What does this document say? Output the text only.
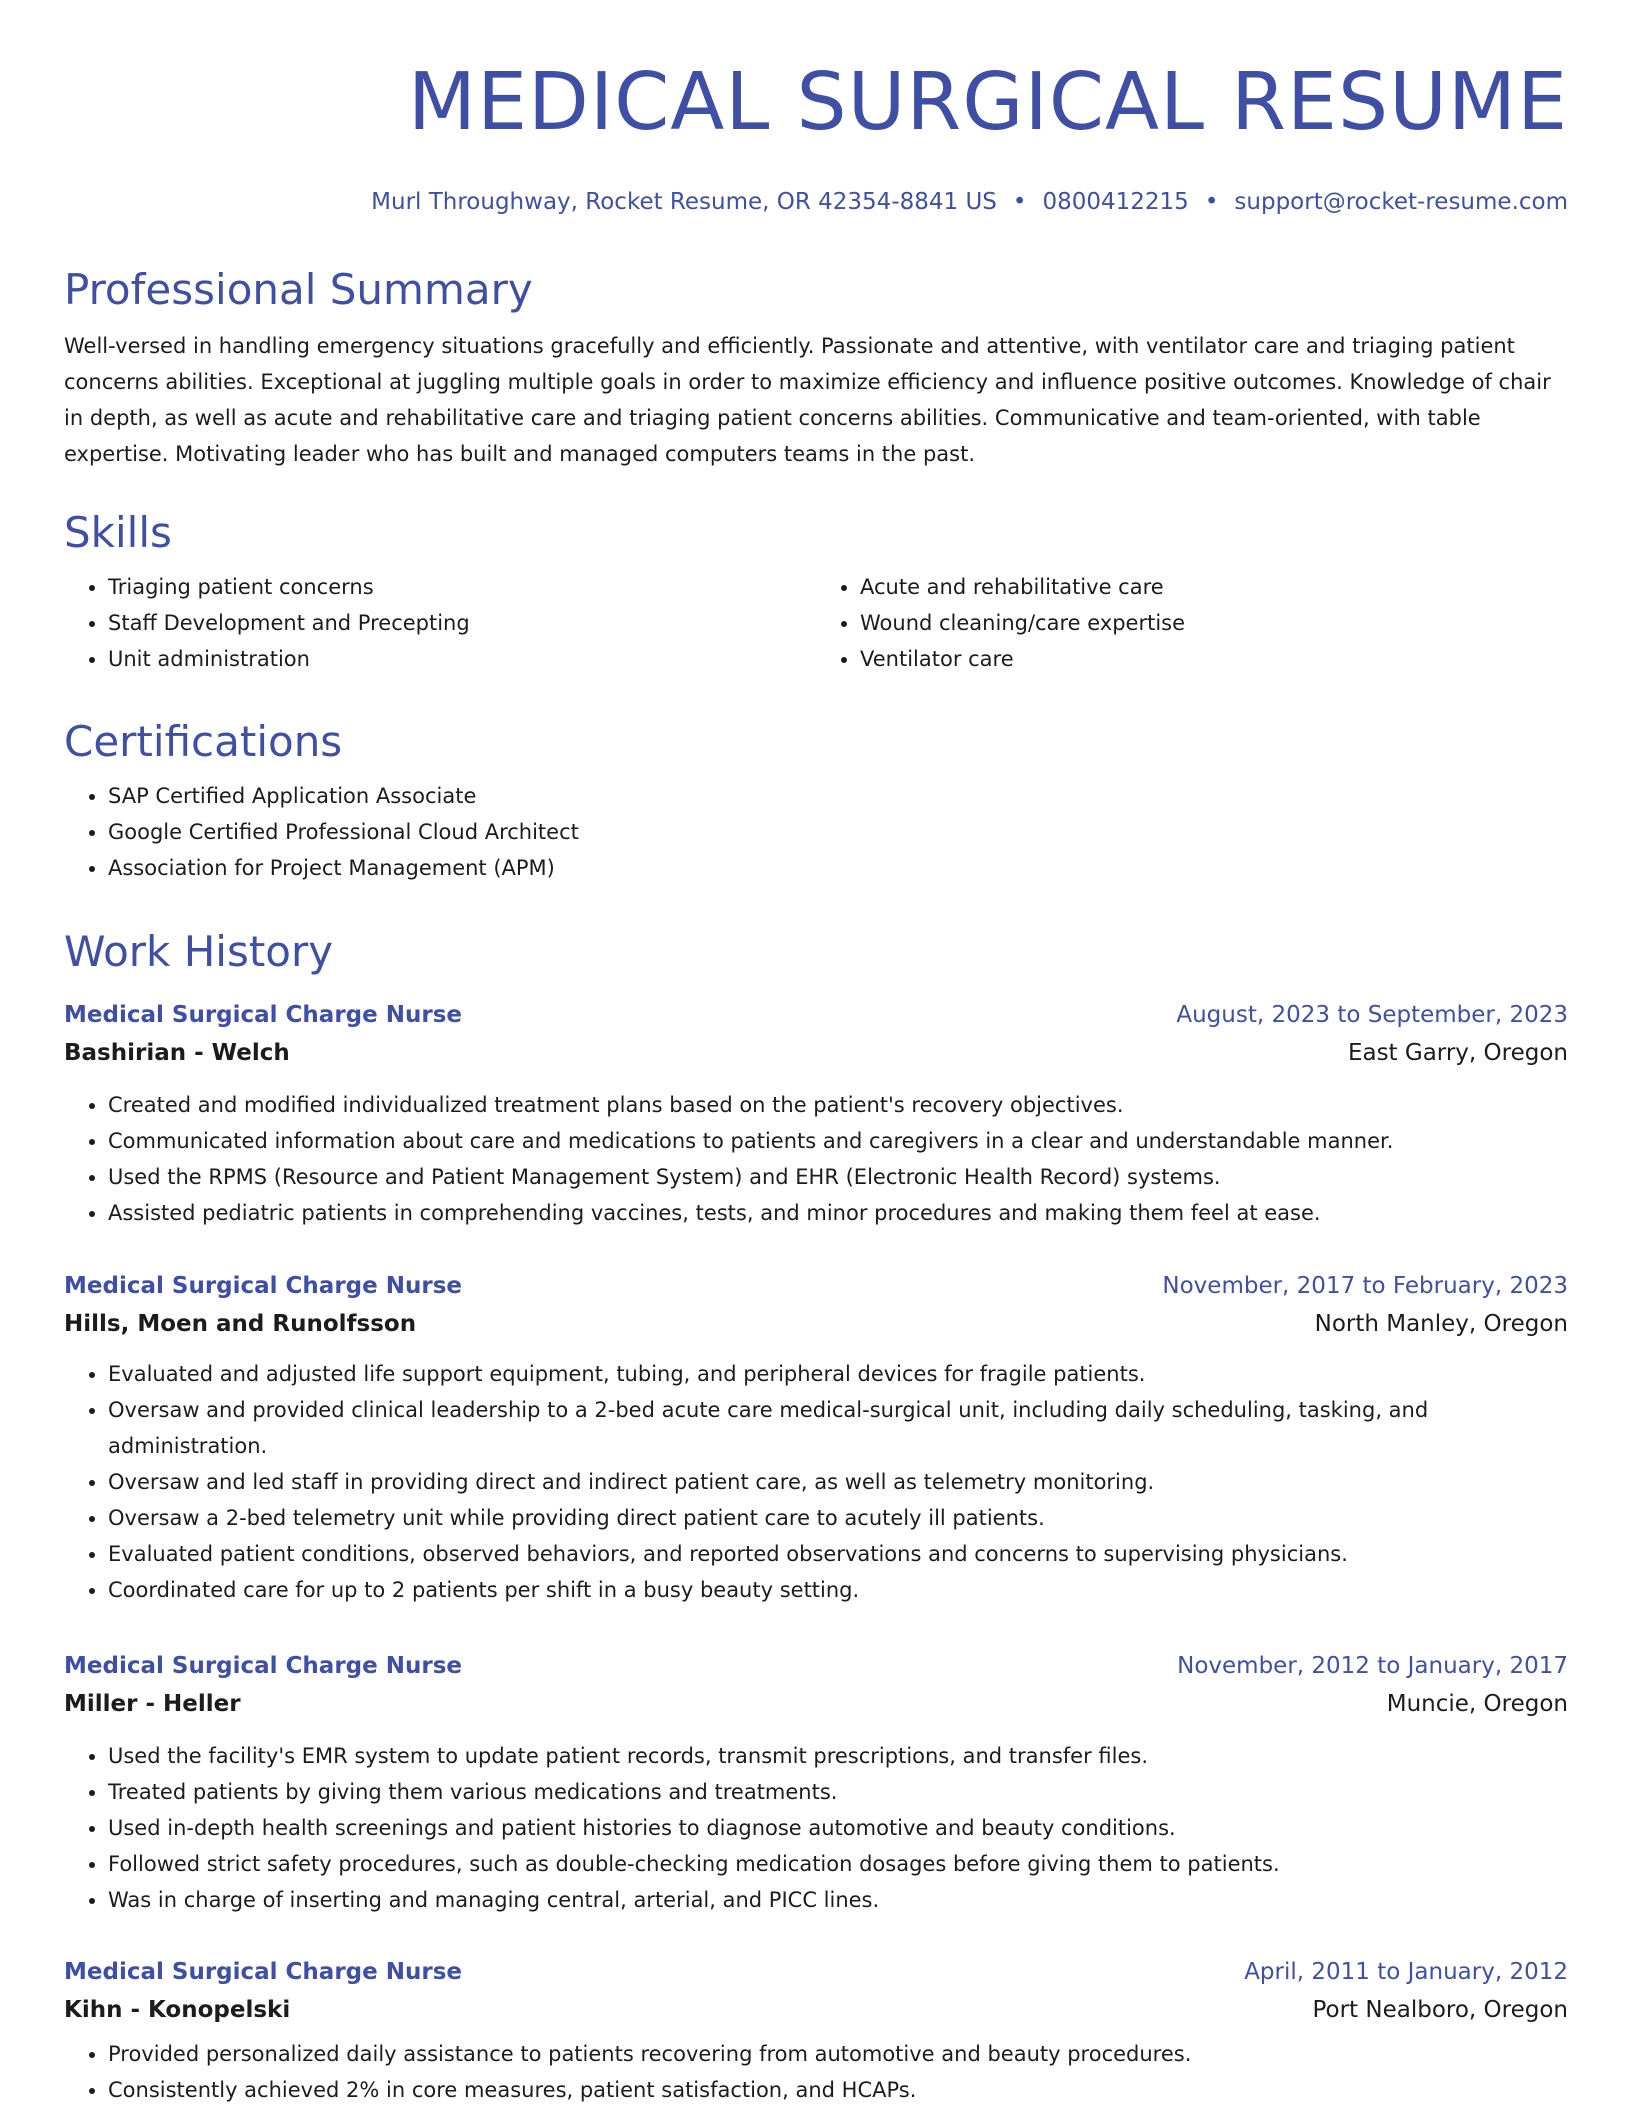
MEDICAL SURGICAL RESUME
Murl Throughway, Rocket Resume, OR 42354-8841 US • 0800412215 • support@rocket-resume.com
Professional Summary

Well-versed in handling emergency situations gracefully and efficiently. Passionate and attentive, with ventilator care and triaging patient concerns abilities. Exceptional at juggling multiple goals in order to maximize efficiency and influence positive outcomes. Knowledge of chair in depth, as well as acute and rehabilitative care and triaging patient concerns abilities. Communicative and team-oriented, with table expertise. Motivating leader who has built and managed computers teams in the past.

Skills
• Triaging patient concerns
• Staff Development and Precepting
• Unit administration
• Acute and rehabilitative care
• Wound cleaning/care expertise
• Ventilator care
Certifications
• SAP Certified Application Associate
• Google Certified Professional Cloud Architect
• Association for Project Management (APM)
Work History
Medical Surgical Charge Nurse	August, 2023 to September, 2023
Bashirian - Welch	East Garry, Oregon
• Created and modified individualized treatment plans based on the patient's recovery objectives.
• Communicated information about care and medications to patients and caregivers in a clear and understandable manner.
• Used the RPMS (Resource and Patient Management System) and EHR (Electronic Health Record) systems.
• Assisted pediatric patients in comprehending vaccines, tests, and minor procedures and making them feel at ease.
Medical Surgical Charge Nurse	November, 2017 to February, 2023
Hills, Moen and Runolfsson	North Manley, Oregon
• Evaluated and adjusted life support equipment, tubing, and peripheral devices for fragile patients.
• Oversaw and provided clinical leadership to a 2-bed acute care medical-surgical unit, including daily scheduling, tasking, and administration.
• Oversaw and led staff in providing direct and indirect patient care, as well as telemetry monitoring.
• Oversaw a 2-bed telemetry unit while providing direct patient care to acutely ill patients.
• Evaluated patient conditions, observed behaviors, and reported observations and concerns to supervising physicians.
• Coordinated care for up to 2 patients per shift in a busy beauty setting.
Medical Surgical Charge Nurse	November, 2012 to January, 2017
Miller - Heller	Muncie, Oregon
• Used the facility's EMR system to update patient records, transmit prescriptions, and transfer files.
• Treated patients by giving them various medications and treatments.
• Used in-depth health screenings and patient histories to diagnose automotive and beauty conditions.
• Followed strict safety procedures, such as double-checking medication dosages before giving them to patients.
• Was in charge of inserting and managing central, arterial, and PICC lines.
Medical Surgical Charge Nurse	April, 2011 to January, 2012
Kihn - Konopelski	Port Nealboro, Oregon
• Provided personalized daily assistance to patients recovering from automotive and beauty procedures.
• Consistently achieved 2% in core measures, patient satisfaction, and HCAPs.
